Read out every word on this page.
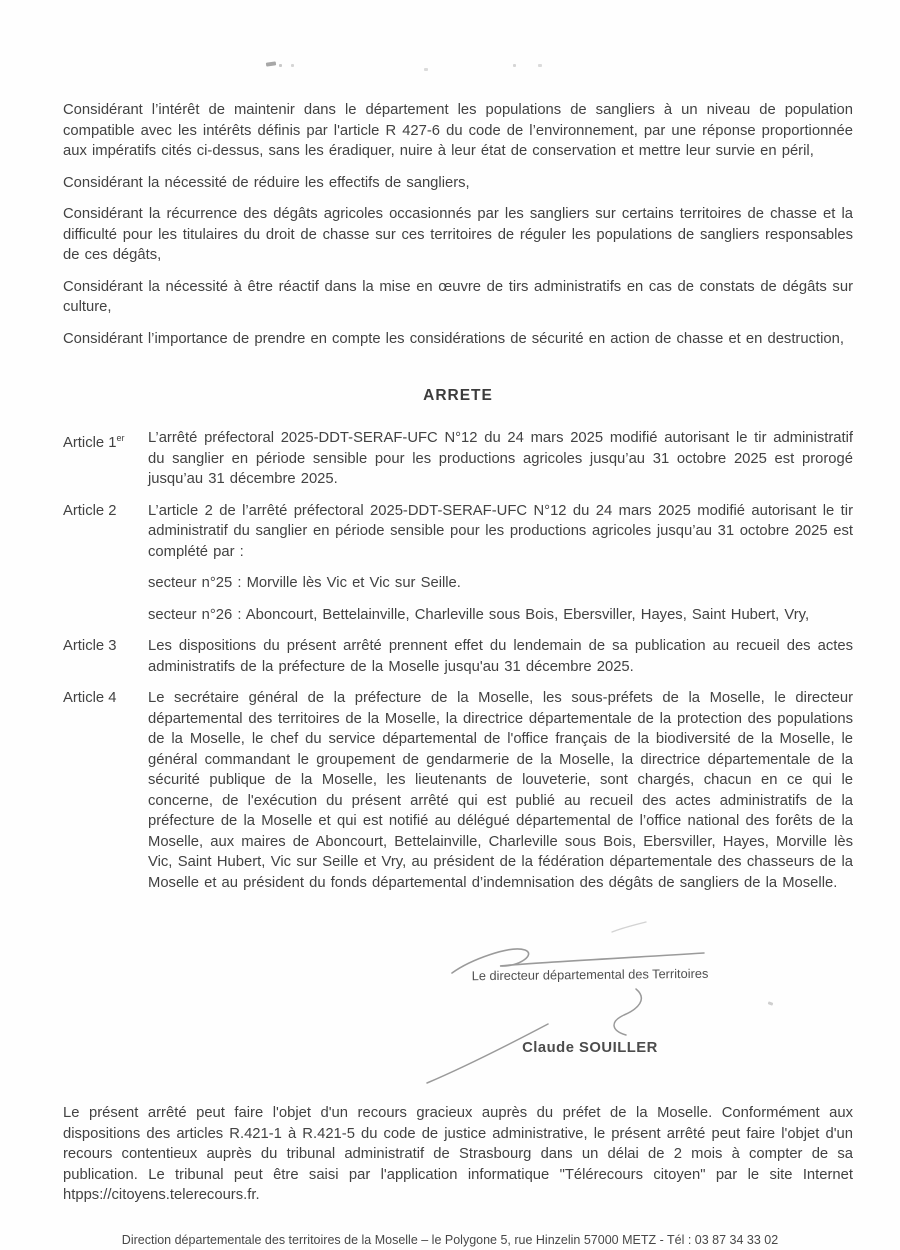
Considérant l’intérêt de maintenir dans le département les populations de sangliers à un niveau de population compatible avec les intérêts définis par l'article R 427-6 du code de l’environnement, par une réponse proportionnée aux impératifs cités ci-dessus, sans les éradiquer, nuire à leur état de conservation et mettre leur survie en péril,

Considérant la nécessité de réduire les effectifs de sangliers,

Considérant la récurrence des dégâts agricoles occasionnés par les sangliers sur certains territoires de chasse et la difficulté pour les titulaires du droit de chasse sur ces territoires de réguler les populations de sangliers responsables de ces dégâts,

Considérant la nécessité à être réactif dans la mise en œuvre de tirs administratifs en cas de constats de dégâts sur culture,

Considérant l’importance de prendre en compte les considérations de sécurité en action de chasse et en destruction,

ARRETE
Article 1er	L’arrêté préfectoral 2025-DDT-SERAF-UFC N°12 du 24 mars 2025 modifié autorisant le tir administratif du sanglier en période sensible pour les productions agricoles jusqu’au 31 octobre 2025 est prorogé jusqu’au 31 décembre 2025.

Article 2	L’article 2 de l’arrêté préfectoral 2025-DDT-SERAF-UFC N°12 du 24 mars 2025 modifié autorisant le tir administratif du sanglier en période sensible pour les productions agricoles jusqu’au 31 octobre 2025 est complété par :

secteur n°25 : Morville lès Vic et Vic sur Seille.

secteur n°26 : Aboncourt, Bettelainville, Charleville sous Bois, Ebersviller, Hayes, Saint Hubert, Vry,

Article 3	Les dispositions du présent arrêté prennent effet du lendemain de sa publication au recueil des actes administratifs de la préfecture de la Moselle jusqu'au 31 décembre 2025.

Article 4	Le secrétaire général de la préfecture de la Moselle, les sous-préfets de la Moselle, le directeur départemental des territoires de la Moselle, la directrice départementale de la protection des populations de la Moselle, le chef du service départemental de l'office français de la biodiversité de la Moselle, le général commandant le groupement de gendarmerie de la Moselle, la directrice départementale de la sécurité publique de la Moselle, les lieutenants de louveterie, sont chargés, chacun en ce qui le concerne, de l'exécution du présent arrêté qui est publié au recueil des actes administratifs de la préfecture de la Moselle et qui est notifié au délégué départemental de l’office national des forêts de la Moselle, aux maires de Aboncourt, Bettelainville, Charleville sous Bois, Ebersviller, Hayes, Morville lès Vic, Saint Hubert, Vic sur Seille et Vry, au président de la fédération départementale des chasseurs de la Moselle et au président du fonds départemental d’indemnisation des dégâts de sangliers de la Moselle.

Le directeur départemental des Territoires
Claude SOUILLER

Le présent arrêté peut faire l'objet d'un recours gracieux auprès du préfet de la Moselle. Conformément aux dispositions des articles R.421-1 à R.421-5 du code de justice administrative, le présent arrêté peut faire l'objet d'un recours contentieux auprès du tribunal administratif de Strasbourg dans un délai de 2 mois à compter de sa publication. Le tribunal peut être saisi par l'application informatique "Télérecours citoyen" par le site Internet htpps://citoyens.telerecours.fr.

Direction départementale des territoires de la Moselle – le Polygone 5, rue Hinzelin 57000 METZ - Tél : 03 87 34 33 02
